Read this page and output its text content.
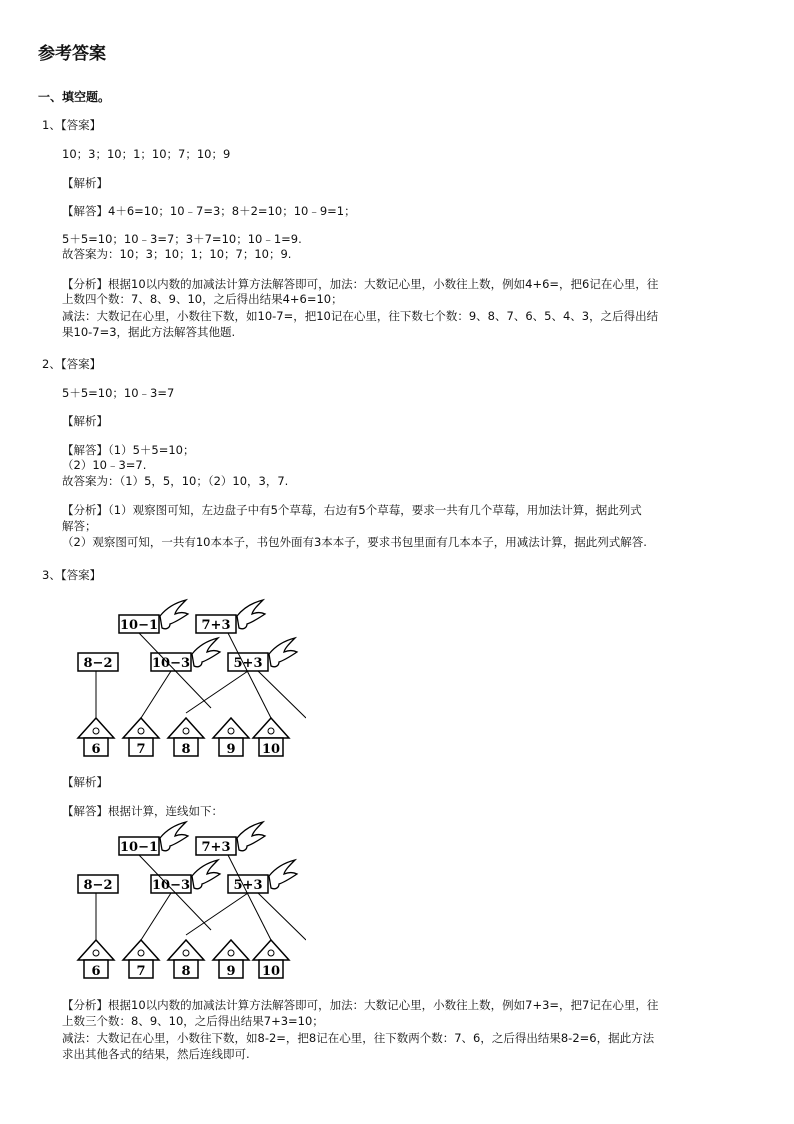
参考答案
一、填空题。
1、【答案】
10；3；10；1；10；7；10；9
【解析】
【解答】4＋6=10；10﹣7=3；8＋2=10；10﹣9=1；
5＋5=10；10﹣3=7；3＋7=10；10﹣1=9.
故答案为：10；3；10；1；10；7；10；9.
【分析】根据10以内数的加减法计算方法解答即可，加法：大数记心里，小数往上数，例如4+6=，把6记在心里，往
上数四个数：7、8、9、10，之后得出结果4+6=10；
减法：大数记在心里，小数往下数，如10-7=，把10记在心里，往下数七个数：9、8、7、6、5、4、3，之后得出结
果10-7=3，据此方法解答其他题.
2、【答案】
5＋5=10；10﹣3=7
【解析】
【解答】（1）5＋5=10；
（2）10﹣3=7.
故答案为：（1）5，5，10；（2）10，3，7.
【分析】（1）观察图可知，左边盘子中有5个草莓，右边有5个草莓，要求一共有几个草莓，用加法计算，据此列式
解答；
（2）观察图可知，一共有10本本子，书包外面有3本本子，要求书包里面有几本本子，用减法计算，据此列式解答.
3、【答案】
10−1	7+3
8−2	10−3	5+3
6	7	8	9 10
【解析】
【解答】根据计算，连线如下：
10−1	7+3
8−2	10−3	5+3
6	7	8	9 10
【分析】根据10以内数的加减法计算方法解答即可，加法：大数记心里，小数往上数，例如7+3=，把7记在心里，往
上数三个数：8、9、10，之后得出结果7+3=10；
减法：大数记在心里，小数往下数，如8-2=，把8记在心里，往下数两个数：7、6，之后得出结果8-2=6，据此方法
求出其他各式的结果，然后连线即可.
